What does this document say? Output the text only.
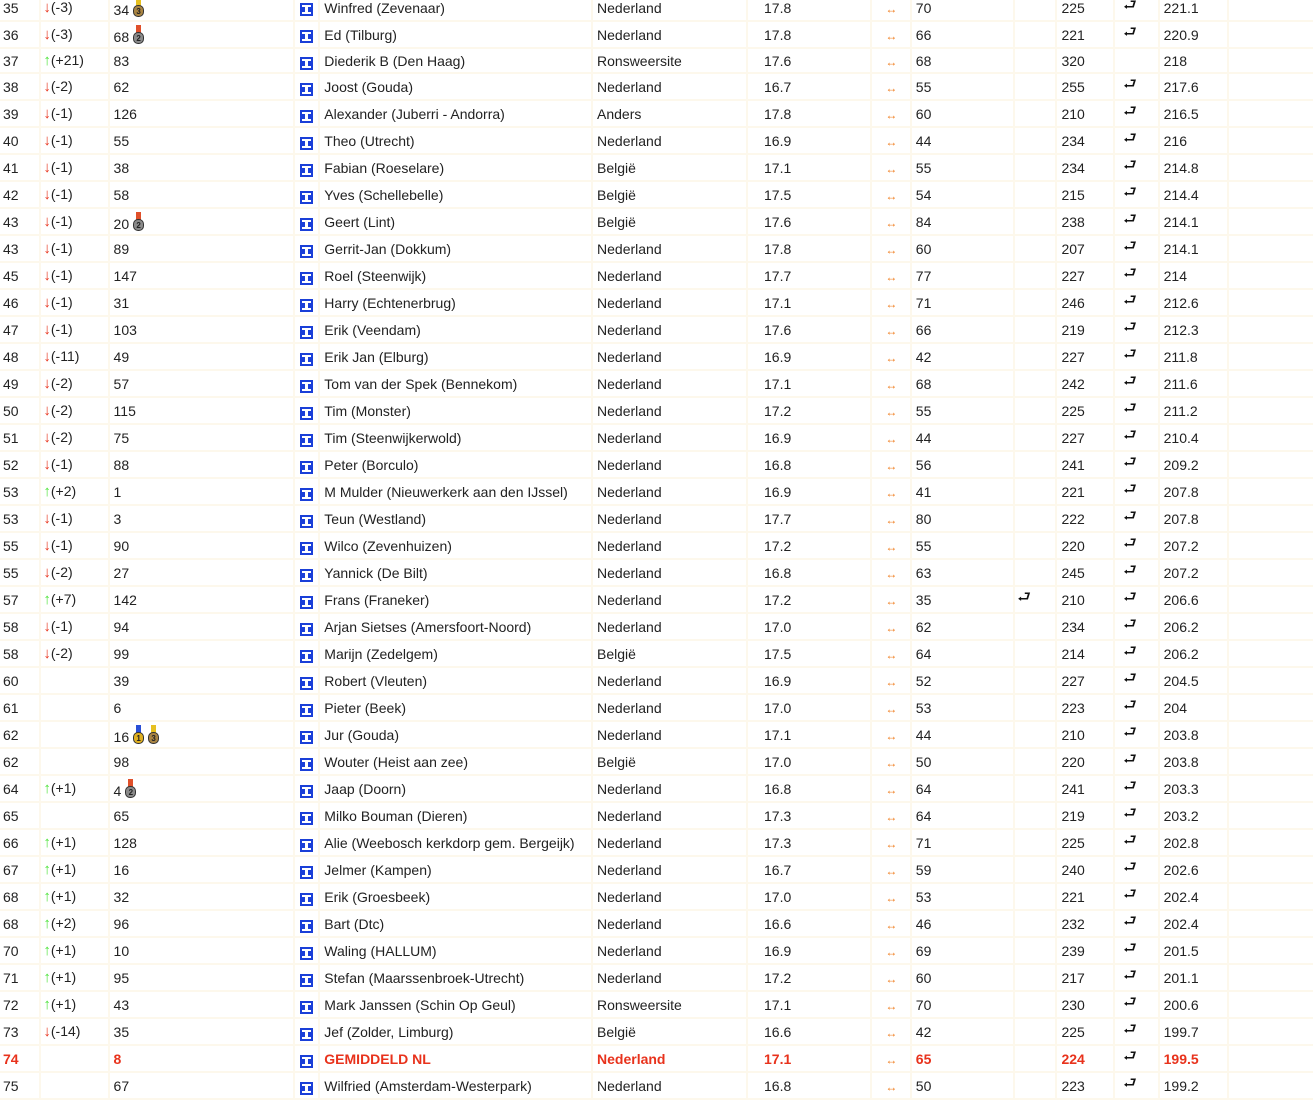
35	↓(-3)	34 3		Winfred (Zevenaar)	Nederland	17.8	↔	70		225	⮐	221.1	
36	↓(-3)	68 2		Ed (Tilburg)	Nederland	17.8	↔	66		221	⮐	220.9	
37	↑(+21)	83		Diederik B (Den Haag)	Ronsweersite	17.6	↔	68		320		218	
38	↓(-2)	62		Joost (Gouda)	Nederland	16.7	↔	55		255	⮐	217.6	
39	↓(-1)	126		Alexander (Juberri - Andorra)	Anders	17.8	↔	60		210	⮐	216.5	
40	↓(-1)	55		Theo (Utrecht)	Nederland	16.9	↔	44		234	⮐	216	
41	↓(-1)	38		Fabian (Roeselare)	België	17.1	↔	55		234	⮐	214.8	
42	↓(-1)	58		Yves (Schellebelle)	België	17.5	↔	54		215	⮐	214.4	
43	↓(-1)	20 2		Geert (Lint)	België	17.6	↔	84		238	⮐	214.1	
43	↓(-1)	89		Gerrit-Jan (Dokkum)	Nederland	17.8	↔	60		207	⮐	214.1	
45	↓(-1)	147		Roel (Steenwijk)	Nederland	17.7	↔	77		227	⮐	214	
46	↓(-1)	31		Harry (Echtenerbrug)	Nederland	17.1	↔	71		246	⮐	212.6	
47	↓(-1)	103		Erik (Veendam)	Nederland	17.6	↔	66		219	⮐	212.3	
48	↓(-11)	49		Erik Jan (Elburg)	Nederland	16.9	↔	42		227	⮐	211.8	
49	↓(-2)	57		Tom van der Spek (Bennekom)	Nederland	17.1	↔	68		242	⮐	211.6	
50	↓(-2)	115		Tim (Monster)	Nederland	17.2	↔	55		225	⮐	211.2	
51	↓(-2)	75		Tim (Steenwijkerwold)	Nederland	16.9	↔	44		227	⮐	210.4	
52	↓(-1)	88		Peter (Borculo)	Nederland	16.8	↔	56		241	⮐	209.2	
53	↑(+2)	1		M Mulder (Nieuwerkerk aan den IJssel)	Nederland	16.9	↔	41		221	⮐	207.8	
53	↓(-1)	3		Teun (Westland)	Nederland	17.7	↔	80		222	⮐	207.8	
55	↓(-1)	90		Wilco (Zevenhuizen)	Nederland	17.2	↔	55		220	⮐	207.2	
55	↓(-2)	27		Yannick (De Bilt)	Nederland	16.8	↔	63		245	⮐	207.2	
57	↑(+7)	142		Frans (Franeker)	Nederland	17.2	↔	35	⮐	210	⮐	206.6	
58	↓(-1)	94		Arjan Sietses (Amersfoort-Noord)	Nederland	17.0	↔	62		234	⮐	206.2	
58	↓(-2)	99		Marijn (Zedelgem)	België	17.5	↔	64		214	⮐	206.2	
60		39		Robert (Vleuten)	Nederland	16.9	↔	52		227	⮐	204.5	
61		6		Pieter (Beek)	Nederland	17.0	↔	53		223	⮐	204	
62		16 1 3		Jur (Gouda)	Nederland	17.1	↔	44		210	⮐	203.8	
62		98		Wouter (Heist aan zee)	België	17.0	↔	50		220	⮐	203.8	
64	↑(+1)	4 2		Jaap (Doorn)	Nederland	16.8	↔	64		241	⮐	203.3	
65		65		Milko Bouman (Dieren)	Nederland	17.3	↔	64		219	⮐	203.2	
66	↑(+1)	128		Alie (Weebosch kerkdorp gem. Bergeijk)	Nederland	17.3	↔	71		225	⮐	202.8	
67	↑(+1)	16		Jelmer (Kampen)	Nederland	16.7	↔	59		240	⮐	202.6	
68	↑(+1)	32		Erik (Groesbeek)	Nederland	17.0	↔	53		221	⮐	202.4	
68	↑(+2)	96		Bart (Dtc)	Nederland	16.6	↔	46		232	⮐	202.4	
70	↑(+1)	10		Waling (HALLUM)	Nederland	16.9	↔	69		239	⮐	201.5	
71	↑(+1)	95		Stefan (Maarssenbroek-Utrecht)	Nederland	17.2	↔	60		217	⮐	201.1	
72	↑(+1)	43		Mark Janssen (Schin Op Geul)	Ronsweersite	17.1	↔	70		230	⮐	200.6	
73	↓(-14)	35		Jef (Zolder, Limburg)	België	16.6	↔	42		225	⮐	199.7	
74		8		GEMIDDELD NL	Nederland	17.1	↔	65		224	⮐	199.5	
75		67		Wilfried (Amsterdam-Westerpark)	Nederland	16.8	↔	50		223	⮐	199.2	
